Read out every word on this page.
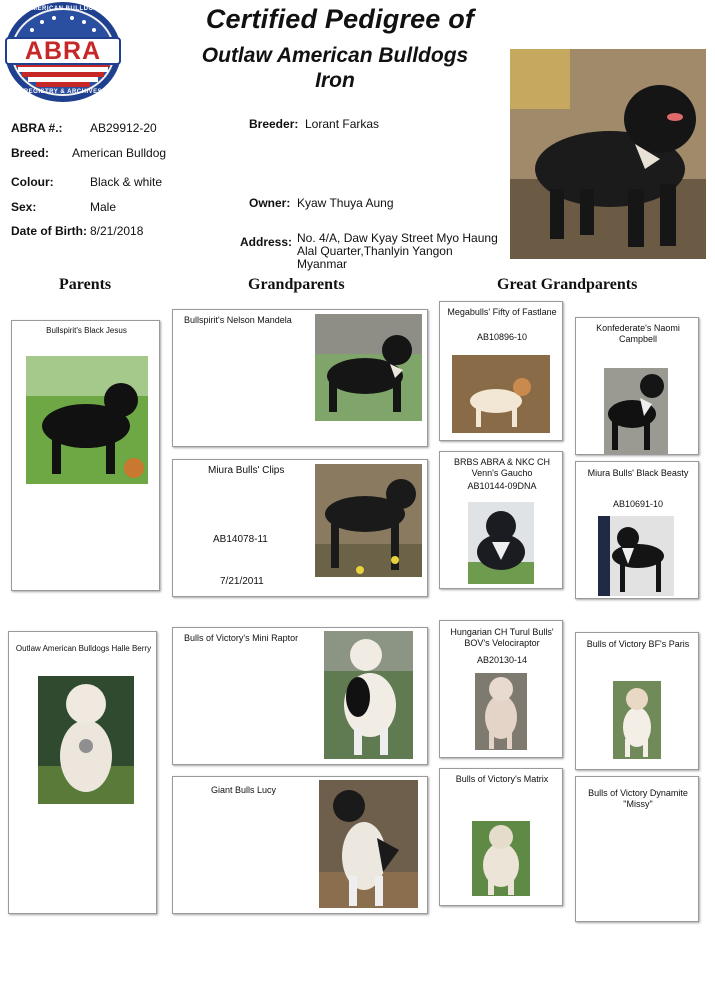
AMERICAN BULLDOG
ABRA
REGISTRY & ARCHIVES
Certified Pedigree of
Outlaw American Bulldogs
Iron
ABRA #.: AB29912-20
Breed: American Bulldog
Colour:	Black & white
Sex:	Male
Date of Birth: 8/21/2018
Breeder: Lorant Farkas
Owner: Kyaw Thuya Aung
Address: No. 4/A, Daw Kyay Street Myo Haung Alal Quarter,Thanlyin Yangon Myanmar
Parents	Grandparents	Great Grandparents
Bullspirit's Black Jesus
Outlaw American Bulldogs Halle Berry
Bullspirit's Nelson Mandela
Miura Bulls' Clips
AB14078-11
7/21/2011
Bulls of Victory's Mini Raptor
Giant Bulls Lucy
Megabulls' Fifty of Fastlane
AB10896-10
Konfederate's Naomi Campbell
BRBS ABRA & NKC CH Venn's Gaucho
AB10144-09DNA
Miura Bulls' Black Beasty
AB10691-10
Hungarian CH Turul Bulls' BOV's Velociraptor
AB20130-14
Bulls of Victory BF's Paris
Bulls of Victory's Matrix
Bulls of Victory Dynamite "Missy"
